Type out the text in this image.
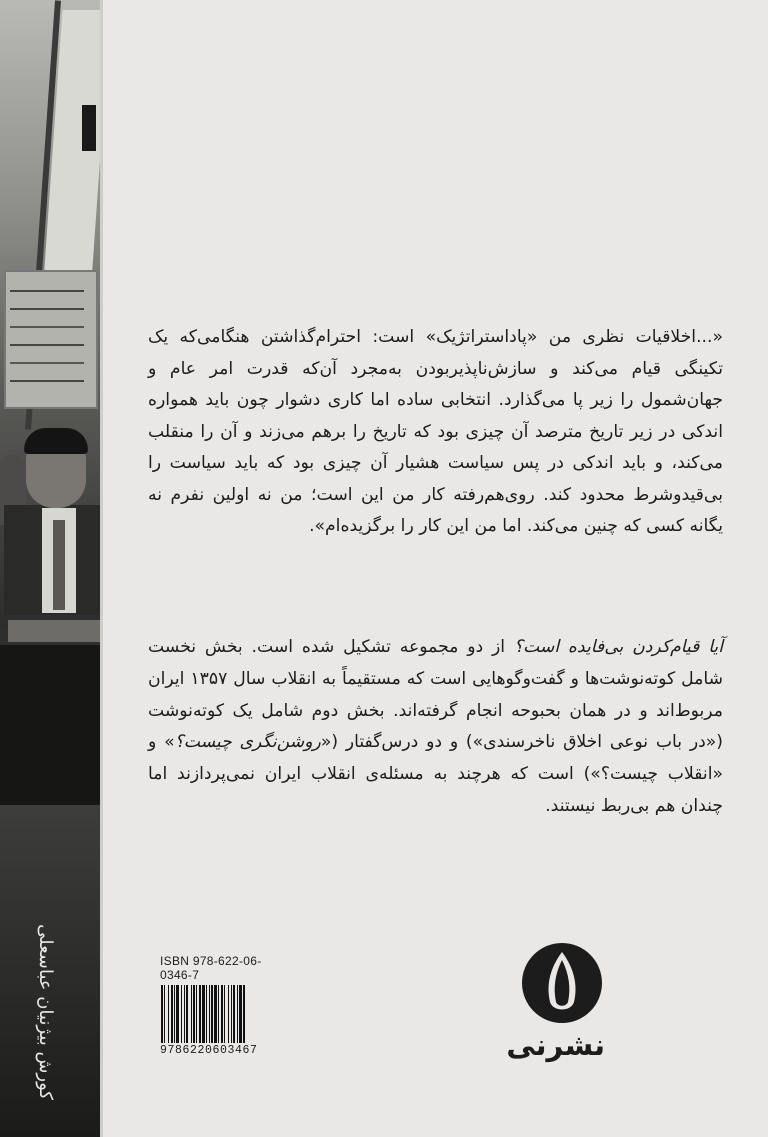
کورش بیژنیان عباسعلی

«...اخلاقیات نظری من «پاداستراتژیک» است: احترام‌گذاشتن هنگامی‌که یک تکینگی قیام می‌کند و سازش‌ناپذیربودن به‌مجرد آن‌که قدرت امر عام و جهان‌شمول را زیر پا می‌گذارد. انتخابی ساده اما کاری دشوار چون باید همواره اندکی در زیر تاریخ مترصد آن چیزی بود که تاریخ را برهم می‌زند و آن را منقلب می‌کند، و باید اندکی در پس سیاست هشیار آن چیزی بود که باید سیاست را بی‌قیدوشرط محدود کند. روی‌هم‌رفته کار من این است؛ من نه اولین نفرم نه یگانه کسی که چنین می‌کند. اما من این کار را برگزیده‌ام».

آیا قیام‌کردن بی‌فایده است؟ از دو مجموعه تشکیل شده است. بخش نخست شامل کوته‌نوشت‌ها و گفت‌وگوهایی است که مستقیماً به انقلاب سال ۱۳۵۷ ایران مربوط‌اند و در همان بحبوحه انجام گرفته‌اند. بخش دوم شامل یک کوته‌نوشت («در باب نوعی اخلاق ناخرسندی») و دو درس‌گفتار («روشن‌نگری چیست؟» و «انقلاب چیست؟») است که هرچند به مسئله‌ی انقلاب ایران نمی‌پردازند اما چندان هم بی‌ربط نیستند.

ISBN 978-622-06-0346-7

9786220603467	نشرنی
